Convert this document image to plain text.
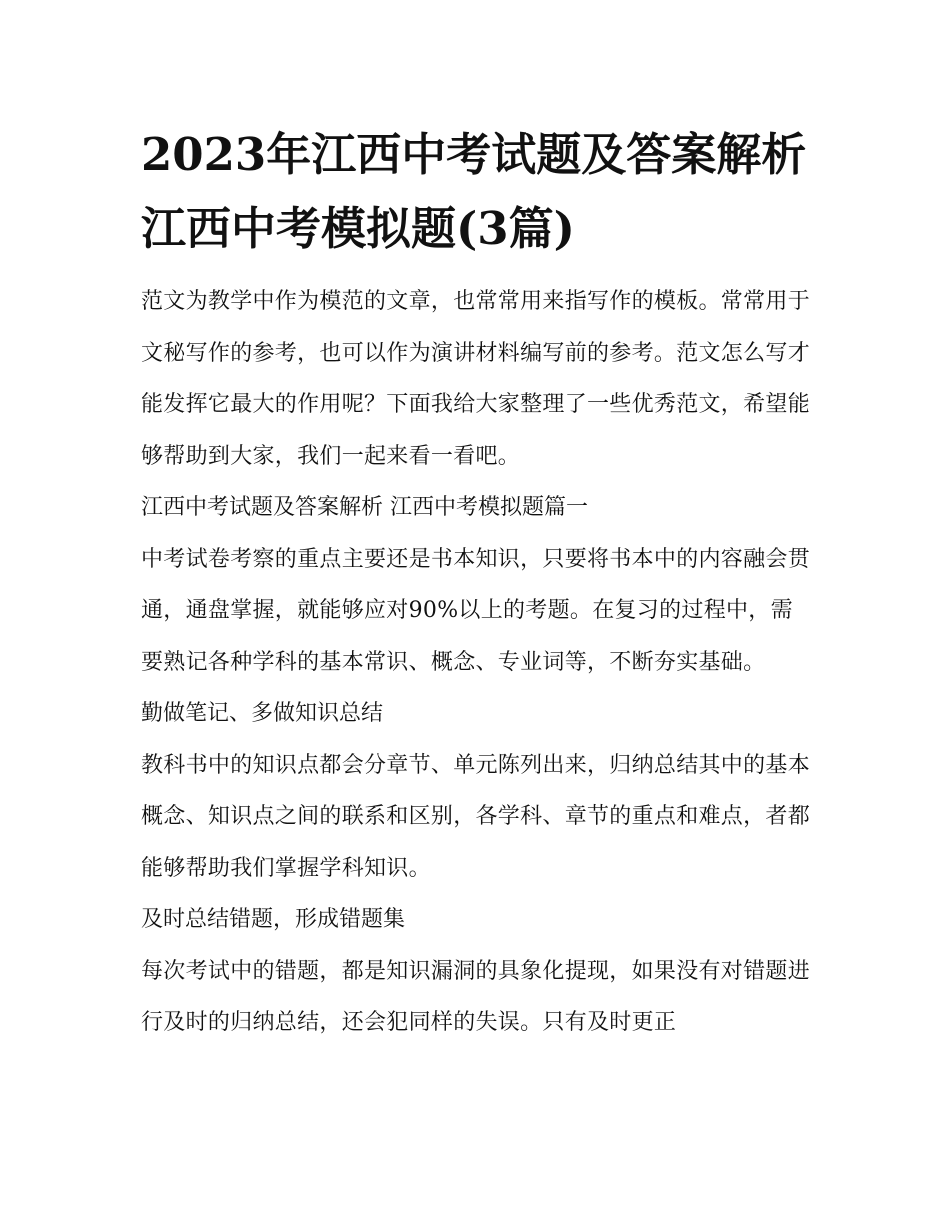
2023年江西中考试题及答案解析 江西中考模拟题(3篇)

范文为教学中作为模范的文章，也常常用来指写作的模板。常常用于文秘写作的参考，也可以作为演讲材料编写前的参考。范文怎么写才能发挥它最大的作用呢？下面我给大家整理了一些优秀范文，希望能够帮助到大家，我们一起来看一看吧。

江西中考试题及答案解析 江西中考模拟题篇一

中考试卷考察的重点主要还是书本知识，只要将书本中的内容融会贯通，通盘掌握，就能够应对90%以上的考题。在复习的过程中，需要熟记各种学科的基本常识、概念、专业词等，不断夯实基础。

勤做笔记、多做知识总结

教科书中的知识点都会分章节、单元陈列出来，归纳总结其中的基本概念、知识点之间的联系和区别，各学科、章节的重点和难点，者都能够帮助我们掌握学科知识。

及时总结错题，形成错题集

每次考试中的错题，都是知识漏洞的具象化提现，如果没有对错题进行及时的归纳总结，还会犯同样的失误。只有及时更正
